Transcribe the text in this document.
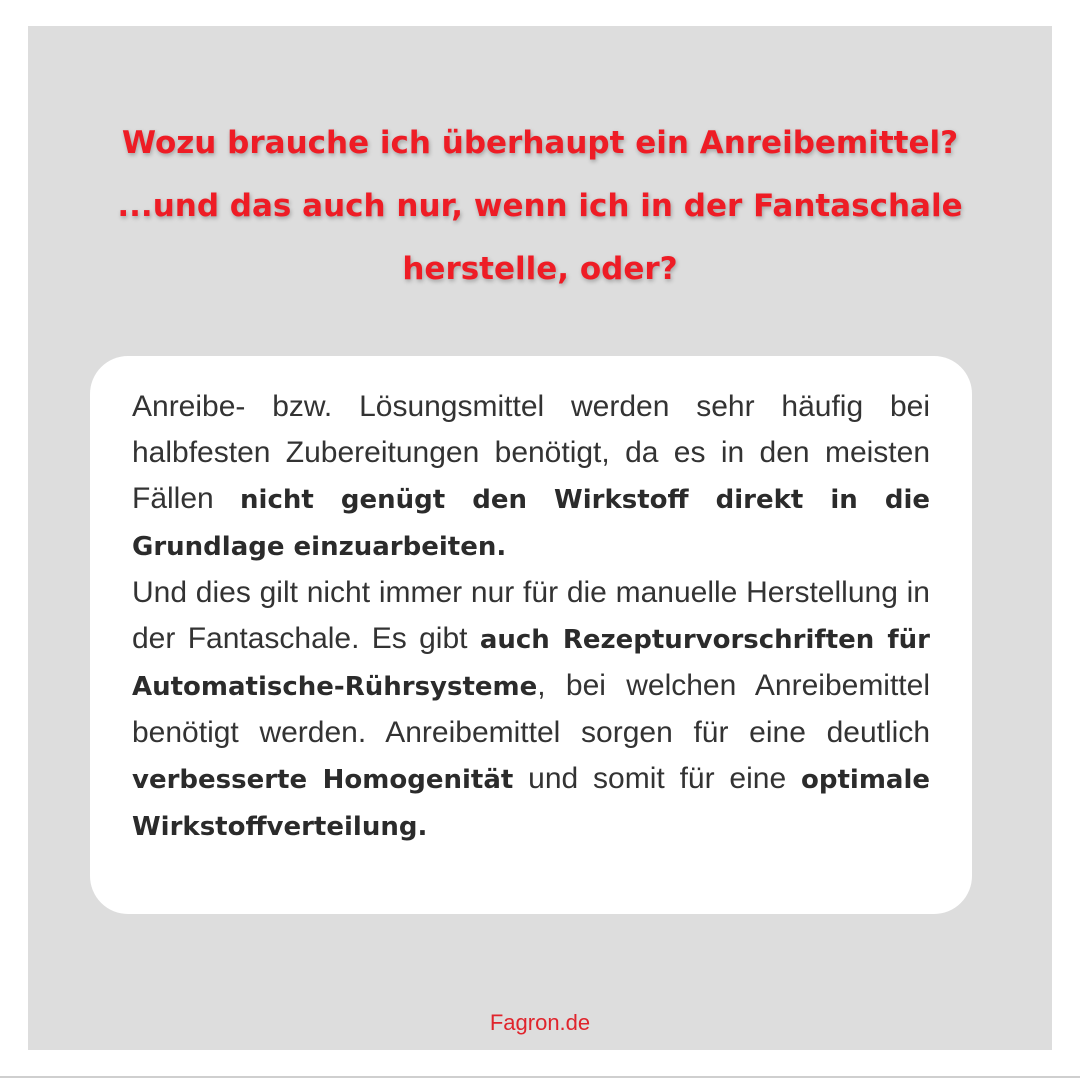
Wozu brauche ich überhaupt ein Anreibemittel?
...und das auch nur, wenn ich in der Fantaschale
herstelle, oder?

Anreibe- bzw. Lösungsmittel werden sehr häufig bei halbfesten Zubereitungen benötigt, da es in den meisten Fällen nicht genügt den Wirkstoff direkt in die Grundlage einzuarbeiten.

Und dies gilt nicht immer nur für die manuelle Herstellung in der Fantaschale. Es gibt auch Rezepturvorschriften für Automatische-Rührsysteme, bei welchen Anreibemittel benötigt werden. Anreibemittel sorgen für eine deutlich verbesserte Homogenität und somit für eine optimale Wirkstoffverteilung.

Fagron.de
